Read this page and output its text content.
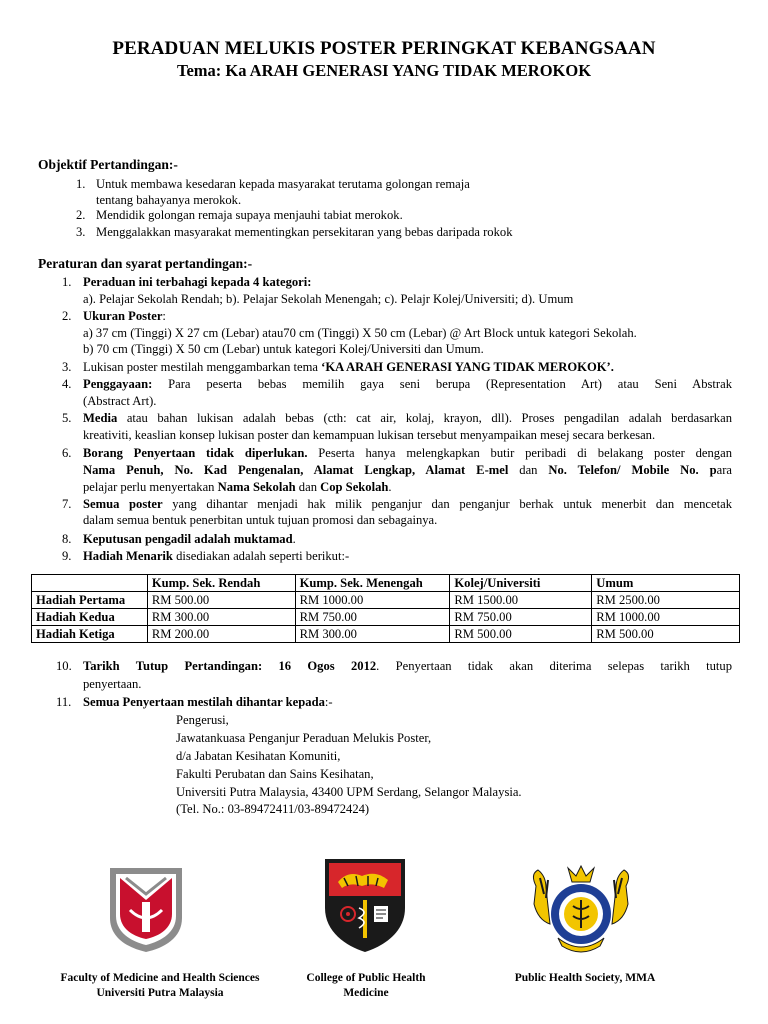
PERADUAN MELUKIS POSTER PERINGKAT KEBANGSAAN
Tema: Ka ARAH GENERASI YANG TIDAK MEROKOK
Objektif Pertandingan:-
1. Untuk membawa kesedaran kepada masyarakat terutama golongan remaja
tentang bahayanya merokok.
2. Mendidik golongan remaja supaya menjauhi tabiat merokok.
3. Menggalakkan masyarakat mementingkan persekitaran yang bebas daripada rokok
Peraturan dan syarat pertandingan:-
1. Peraduan ini terbahagi kepada 4 kategori:
a). Pelajar Sekolah Rendah; b). Pelajar Sekolah Menengah; c). Pelajr Kolej/Universiti; d). Umum
2. Ukuran Poster:
a) 37 cm (Tinggi) X 27 cm (Lebar) atau70 cm (Tinggi) X 50 cm (Lebar) @ Art Block untuk kategori Sekolah.
b) 70 cm (Tinggi) X 50 cm (Lebar) untuk kategori Kolej/Universiti dan Umum.
3. Lukisan poster mestilah menggambarkan tema ‘KA ARAH GENERASI YANG TIDAK MEROKOK’.
4. Penggayaan: Para peserta bebas memilih gaya seni berupa (Representation Art) atau Seni Abstrak
(Abstract Art).
5. Media atau bahan lukisan adalah bebas (cth: cat air, kolaj, krayon, dll). Proses pengadilan adalah berdasarkan
kreativiti, keaslian konsep lukisan poster dan kemampuan lukisan tersebut menyampaikan mesej secara berkesan.
6. Borang Penyertaan tidak diperlukan. Peserta hanya melengkapkan butir peribadi di belakang poster dengan
Nama Penuh, No. Kad Pengenalan, Alamat Lengkap, Alamat E-mel dan No. Telefon/ Mobile No. para
pelajar perlu menyertakan Nama Sekolah dan Cop Sekolah.
7. Semua poster yang dihantar menjadi hak milik penganjur dan penganjur berhak untuk menerbit dan mencetak
dalam semua bentuk penerbitan untuk tujuan promosi dan sebagainya.
8. Keputusan pengadil adalah muktamad.
9. Hadiah Menarik disediakan adalah seperti berikut:-
	Kump. Sek. Rendah	Kump. Sek. Menengah	Kolej/Universiti	Umum
Hadiah Pertama	RM 500.00	RM 1000.00	RM 1500.00	RM 2500.00
Hadiah Kedua	RM 300.00	RM 750.00	RM 750.00	RM 1000.00
Hadiah Ketiga	RM 200.00	RM 300.00	RM 500.00	RM 500.00
10. Tarikh Tutup Pertandingan: 16 Ogos 2012. Penyertaan tidak akan diterima selepas tarikh tutup
penyertaan.
11. Semua Penyertaan mestilah dihantar kepada:-
Pengerusi,
Jawatankuasa Penganjur Peraduan Melukis Poster,
d/a Jabatan Kesihatan Komuniti,
Fakulti Perubatan dan Sains Kesihatan,
Universiti Putra Malaysia, 43400 UPM Serdang, Selangor Malaysia.
(Tel. No.: 03-89472411/03-89472424)
Faculty of Medicine and Health Sciences
Universiti Putra Malaysia
College of Public Health
Medicine
Public Health Society, MMA
